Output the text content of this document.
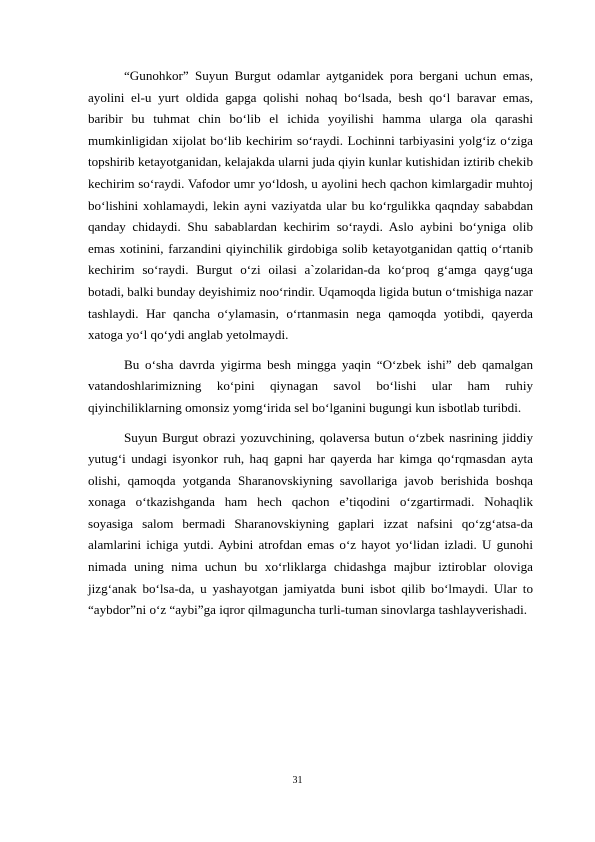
“Gunohkor” Suyun Burgut odamlar aytganidek pora bergani uchun emas, ayolini el-u yurt oldida gapga qolishi nohaq bo‘lsada, besh qo‘l baravar emas, baribir bu tuhmat chin bo‘lib el ichida yoyilishi hamma ularga ola qarashi mumkinligidan xijolat bo‘lib kechirim so‘raydi. Lochinni tarbiyasini yolg‘iz o‘ziga topshirib ketayotganidan, kelajakda ularni juda qiyin kunlar kutishidan iztirib chekib kechirim so‘raydi. Vafodor umr yo‘ldosh, u ayolini hech qachon kimlargadir muhtoj bo‘lishini xohlamaydi, lekin ayni vaziyatda ular bu ko‘rgulikka qaqnday sababdan qanday chidaydi. Shu sabablardan kechirim so‘raydi. Aslo aybini bo‘yniga olib emas xotinini, farzandini qiyinchilik girdobiga solib ketayotganidan qattiq o‘rtanib kechirim so‘raydi. Burgut o‘zi oilasi a`zolaridan-da ko‘proq g‘amga qayg‘uga botadi, balki bunday deyishimiz noo‘rindir. Uqamoqda ligida butun o‘tmishiga nazar tashlaydi. Har qancha o‘ylamasin, o‘rtanmasin nega qamoqda yotibdi, qayerda xatoga yo‘l qo‘ydi anglab yetolmaydi.

Bu o‘sha davrda yigirma besh mingga yaqin “O‘zbek ishi” deb qamalgan vatandoshlarimizning ko‘pini qiynagan savol bo‘lishi ular ham ruhiy qiyinchiliklarning omonsiz yomg‘irida sel bo‘lganini bugungi kun isbotlab turibdi.

Suyun Burgut obrazi yozuvchining, qolaversa butun o‘zbek nasrining jiddiy yutug‘i undagi isyonkor ruh, haq gapni har qayerda har kimga qo‘rqmasdan ayta olishi, qamoqda yotganda Sharanovskiyning savollariga javob berishida boshqa xonaga o‘tkazishganda ham hech qachon e’tiqodini o‘zgartirmadi. Nohaqlik soyasiga salom bermadi Sharanovskiyning gaplari izzat nafsini qo‘zg‘atsa-da alamlarini ichiga yutdi. Aybini atrofdan emas o‘z hayot yo‘lidan izladi. U gunohi nimada uning nima uchun bu xo‘rliklarga chidashga majbur iztiroblar oloviga jizg‘anak bo‘lsa-da, u yashayotgan jamiyatda buni isbot qilib bo‘lmaydi. Ular to “aybdor”ni o‘z “aybi”ga iqror qilmaguncha turli-tuman sinovlarga tashlayverishadi.

31
